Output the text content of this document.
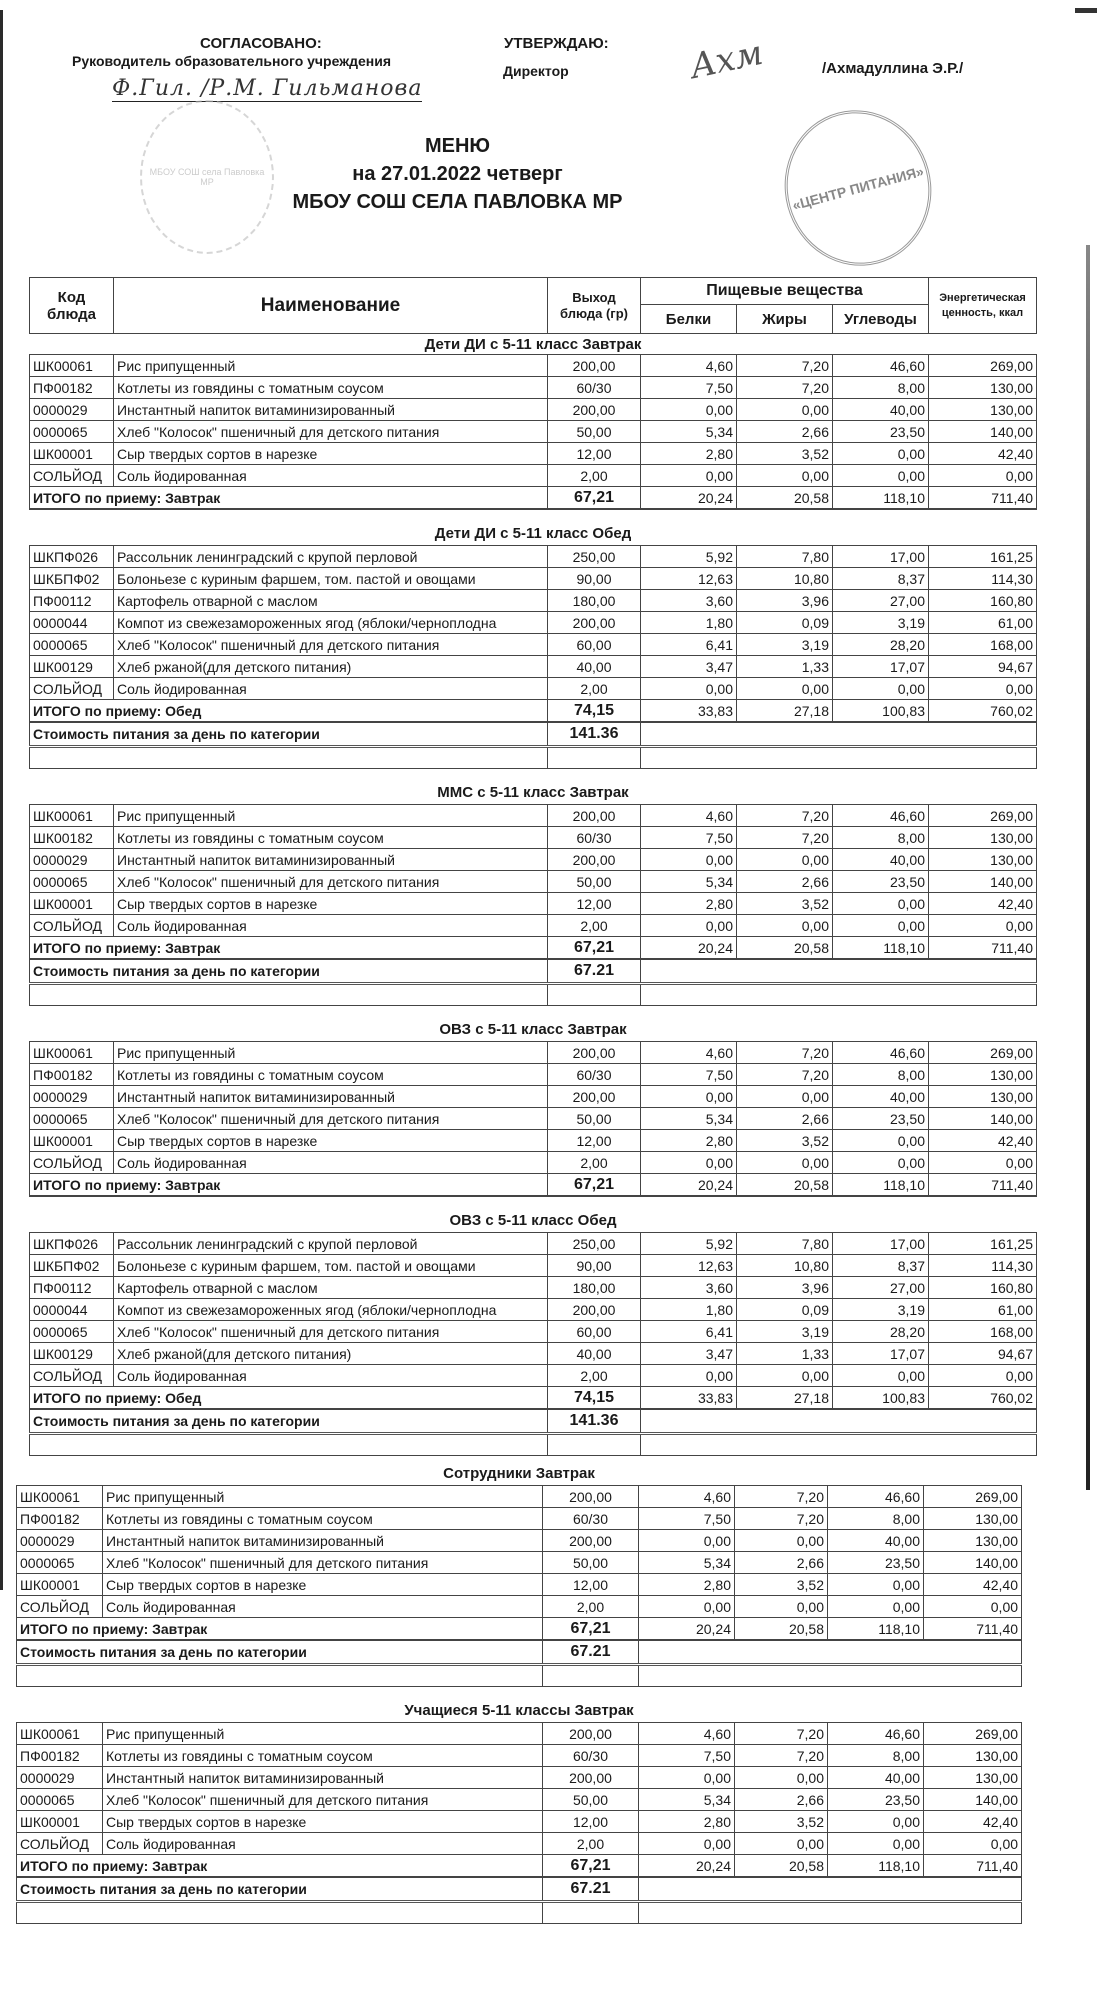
СОГЛАСОВАНО:
Руководитель образовательного учреждения
Ф.Гил. /Р.М. Гильманова
МБОУ СОШ села Павловка МР
УТВЕРЖДАЮ:
Директор	Ахм	/Ахмадуллина Э.Р./
«ЦЕНТР ПИТАНИЯ»
МЕНЮ
на 27.01.2022 четверг
МБОУ СОШ СЕЛА ПАВЛОВКА МР
Код блюда	Наименование	Выход блюда (гр)	Пищевые вещества			Энергетическая ценность, ккал
			Белки	Жиры	Углеводы	
Дети ДИ с 5-11 класс Завтрак						
ШК00061	Рис припущенный	200,00	4,60	7,20	46,60	269,00
ПФ00182	Котлеты из говядины с томатным соусом	60/30	7,50	7,20	8,00	130,00
0000029	Инстантный напиток витаминизированный	200,00	0,00	0,00	40,00	130,00
0000065	Хлеб "Колосок" пшеничный для детского питания	50,00	5,34	2,66	23,50	140,00
ШК00001	Сыр твердых сортов в нарезке	12,00	2,80	3,52	0,00	42,40
СОЛЬЙОД	Соль йодированная	2,00	0,00	0,00	0,00	0,00
ИТОГО по приему: Завтрак		67,21	20,24	20,58	118,10	711,40
Дети ДИ с 5-11 класс Обед						
ШКПФ026	Рассольник ленинградский с крупой перловой	250,00	5,92	7,80	17,00	161,25
ШКБПФ02	Болоньезе с куриным фаршем, том. пастой и овощами	90,00	12,63	10,80	8,37	114,30
ПФ00112	Картофель отварной с маслом	180,00	3,60	3,96	27,00	160,80
0000044	Компот из свежезамороженных ягод (яблоки/черноплодна	200,00	1,80	0,09	3,19	61,00
0000065	Хлеб "Колосок" пшеничный для детского питания	60,00	6,41	3,19	28,20	168,00
ШК00129	Хлеб ржаной(для детского питания)	40,00	3,47	1,33	17,07	94,67
СОЛЬЙОД	Соль йодированная	2,00	0,00	0,00	0,00	0,00
ИТОГО по приему: Обед		74,15	33,83	27,18	100,83	760,02
Стоимость питания за день по категории		141.36				

ММС с 5-11 класс Завтрак						
ШК00061	Рис припущенный	200,00	4,60	7,20	46,60	269,00
ШК00182	Котлеты из говядины с томатным соусом	60/30	7,50	7,20	8,00	130,00
0000029	Инстантный напиток витаминизированный	200,00	0,00	0,00	40,00	130,00
0000065	Хлеб "Колосок" пшеничный для детского питания	50,00	5,34	2,66	23,50	140,00
ШК00001	Сыр твердых сортов в нарезке	12,00	2,80	3,52	0,00	42,40
СОЛЬЙОД	Соль йодированная	2,00	0,00	0,00	0,00	0,00
ИТОГО по приему: Завтрак		67,21	20,24	20,58	118,10	711,40
Стоимость питания за день по категории		67.21				

ОВЗ с 5-11 класс Завтрак						
ШК00061	Рис припущенный	200,00	4,60	7,20	46,60	269,00
ПФ00182	Котлеты из говядины с томатным соусом	60/30	7,50	7,20	8,00	130,00
0000029	Инстантный напиток витаминизированный	200,00	0,00	0,00	40,00	130,00
0000065	Хлеб "Колосок" пшеничный для детского питания	50,00	5,34	2,66	23,50	140,00
ШК00001	Сыр твердых сортов в нарезке	12,00	2,80	3,52	0,00	42,40
СОЛЬЙОД	Соль йодированная	2,00	0,00	0,00	0,00	0,00
ИТОГО по приему: Завтрак		67,21	20,24	20,58	118,10	711,40
ОВЗ с 5-11 класс Обед						
ШКПФ026	Рассольник ленинградский с крупой перловой	250,00	5,92	7,80	17,00	161,25
ШКБПФ02	Болоньезе с куриным фаршем, том. пастой и овощами	90,00	12,63	10,80	8,37	114,30
ПФ00112	Картофель отварной с маслом	180,00	3,60	3,96	27,00	160,80
0000044	Компот из свежезамороженных ягод (яблоки/черноплодна	200,00	1,80	0,09	3,19	61,00
0000065	Хлеб "Колосок" пшеничный для детского питания	60,00	6,41	3,19	28,20	168,00
ШК00129	Хлеб ржаной(для детского питания)	40,00	3,47	1,33	17,07	94,67
СОЛЬЙОД	Соль йодированная	2,00	0,00	0,00	0,00	0,00
ИТОГО по приему: Обед		74,15	33,83	27,18	100,83	760,02
Стоимость питания за день по категории		141.36				

Сотрудники Завтрак						
ШК00061	Рис припущенный	200,00	4,60	7,20	46,60	269,00
ПФ00182	Котлеты из говядины с томатным соусом	60/30	7,50	7,20	8,00	130,00
0000029	Инстантный напиток витаминизированный	200,00	0,00	0,00	40,00	130,00
0000065	Хлеб "Колосок" пшеничный для детского питания	50,00	5,34	2,66	23,50	140,00
ШК00001	Сыр твердых сортов в нарезке	12,00	2,80	3,52	0,00	42,40
СОЛЬЙОД	Соль йодированная	2,00	0,00	0,00	0,00	0,00
ИТОГО по приему: Завтрак		67,21	20,24	20,58	118,10	711,40
Стоимость питания за день по категории		67.21				

Учащиеся 5-11 классы Завтрак						
ШК00061	Рис припущенный	200,00	4,60	7,20	46,60	269,00
ПФ00182	Котлеты из говядины с томатным соусом	60/30	7,50	7,20	8,00	130,00
0000029	Инстантный напиток витаминизированный	200,00	0,00	0,00	40,00	130,00
0000065	Хлеб "Колосок" пшеничный для детского питания	50,00	5,34	2,66	23,50	140,00
ШК00001	Сыр твердых сортов в нарезке	12,00	2,80	3,52	0,00	42,40
СОЛЬЙОД	Соль йодированная	2,00	0,00	0,00	0,00	0,00
ИТОГО по приему: Завтрак		67,21	20,24	20,58	118,10	711,40
Стоимость питания за день по категории		67.21				
